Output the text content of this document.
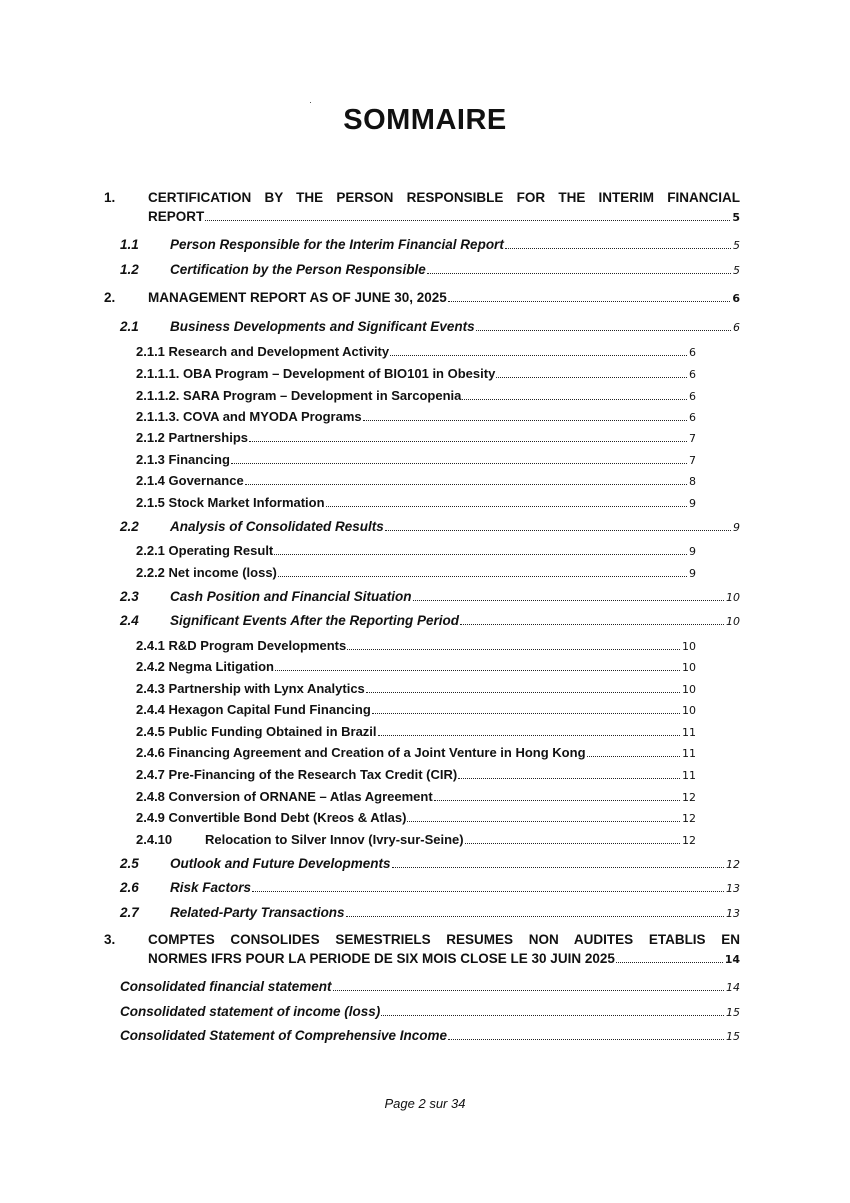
SOMMAIRE
1.	CERTIFICATION BY THE PERSON RESPONSIBLE FOR THE INTERIM FINANCIAL
REPORT	5
1.1	Person Responsible for the Interim Financial Report	5
1.2	Certification by the Person Responsible	5
2.	MANAGEMENT REPORT AS OF JUNE 30, 2025	6
2.1	Business Developments and Significant Events	6
2.1.1 Research and Development Activity	6
2.1.1.1. OBA Program – Development of BIO101 in Obesity	6
2.1.1.2. SARA Program – Development in Sarcopenia	6
2.1.1.3. COVA and MYODA Programs	6
2.1.2 Partnerships	7
2.1.3 Financing	7
2.1.4 Governance	8
2.1.5 Stock Market Information	9
2.2	Analysis of Consolidated Results	9
2.2.1 Operating Result	9
2.2.2 Net income (loss)	9
2.3	Cash Position and Financial Situation	10
2.4	Significant Events After the Reporting Period	10
2.4.1 R&D Program Developments	10
2.4.2 Negma Litigation	10
2.4.3 Partnership with Lynx Analytics	10
2.4.4 Hexagon Capital Fund Financing	10
2.4.5 Public Funding Obtained in Brazil	11
2.4.6 Financing Agreement and Creation of a Joint Venture in Hong Kong	11
2.4.7 Pre-Financing of the Research Tax Credit (CIR)	11
2.4.8 Conversion of ORNANE – Atlas Agreement	12
2.4.9 Convertible Bond Debt (Kreos & Atlas)	12
2.4.10	Relocation to Silver Innov (Ivry-sur-Seine)	12
2.5	Outlook and Future Developments	12
2.6	Risk Factors	13
2.7	Related-Party Transactions	13
3.	COMPTES CONSOLIDES SEMESTRIELS RESUMES NON AUDITES ETABLIS EN
NORMES IFRS POUR LA PERIODE DE SIX MOIS CLOSE LE 30 JUIN 2025	14
Consolidated financial statement	14
Consolidated statement of income (loss)	15
Consolidated Statement of Comprehensive Income	15
Page 2 sur 34
